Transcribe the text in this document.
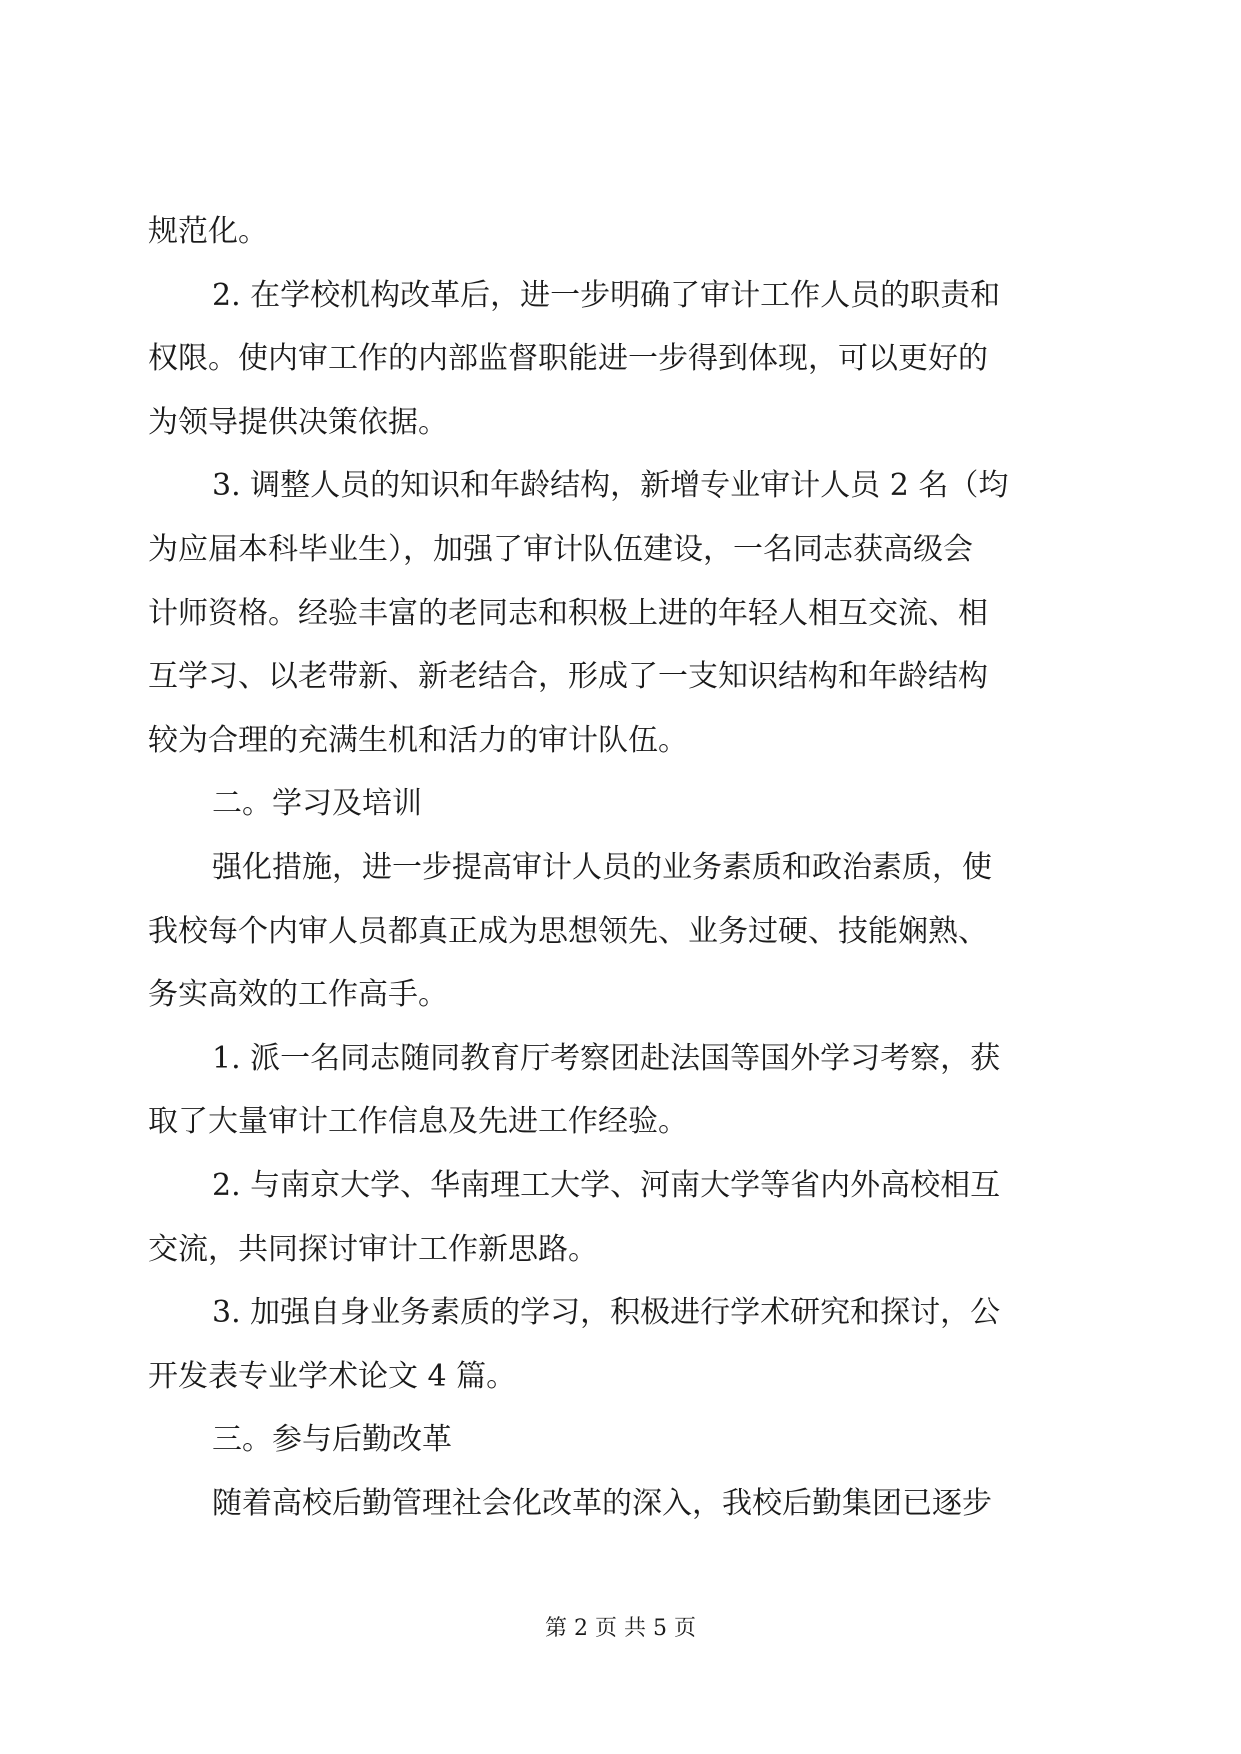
规范化。

2. 在学校机构改革后，进一步明确了审计工作人员的职责和

权限。使内审工作的内部监督职能进一步得到体现，可以更好的

为领导提供决策依据。

3. 调整人员的知识和年龄结构，新增专业审计人员 2 名（均

为应届本科毕业生），加强了审计队伍建设，一名同志获高级会

计师资格。经验丰富的老同志和积极上进的年轻人相互交流、相

互学习、以老带新、新老结合，形成了一支知识结构和年龄结构

较为合理的充满生机和活力的审计队伍。

二。学习及培训

强化措施，进一步提高审计人员的业务素质和政治素质，使

我校每个内审人员都真正成为思想领先、业务过硬、技能娴熟、

务实高效的工作高手。

1. 派一名同志随同教育厅考察团赴法国等国外学习考察，获

取了大量审计工作信息及先进工作经验。

2. 与南京大学、华南理工大学、河南大学等省内外高校相互

交流，共同探讨审计工作新思路。

3. 加强自身业务素质的学习，积极进行学术研究和探讨，公

开发表专业学术论文 4 篇。

三。参与后勤改革

随着高校后勤管理社会化改革的深入，我校后勤集团已逐步

第 2 页 共 5 页
